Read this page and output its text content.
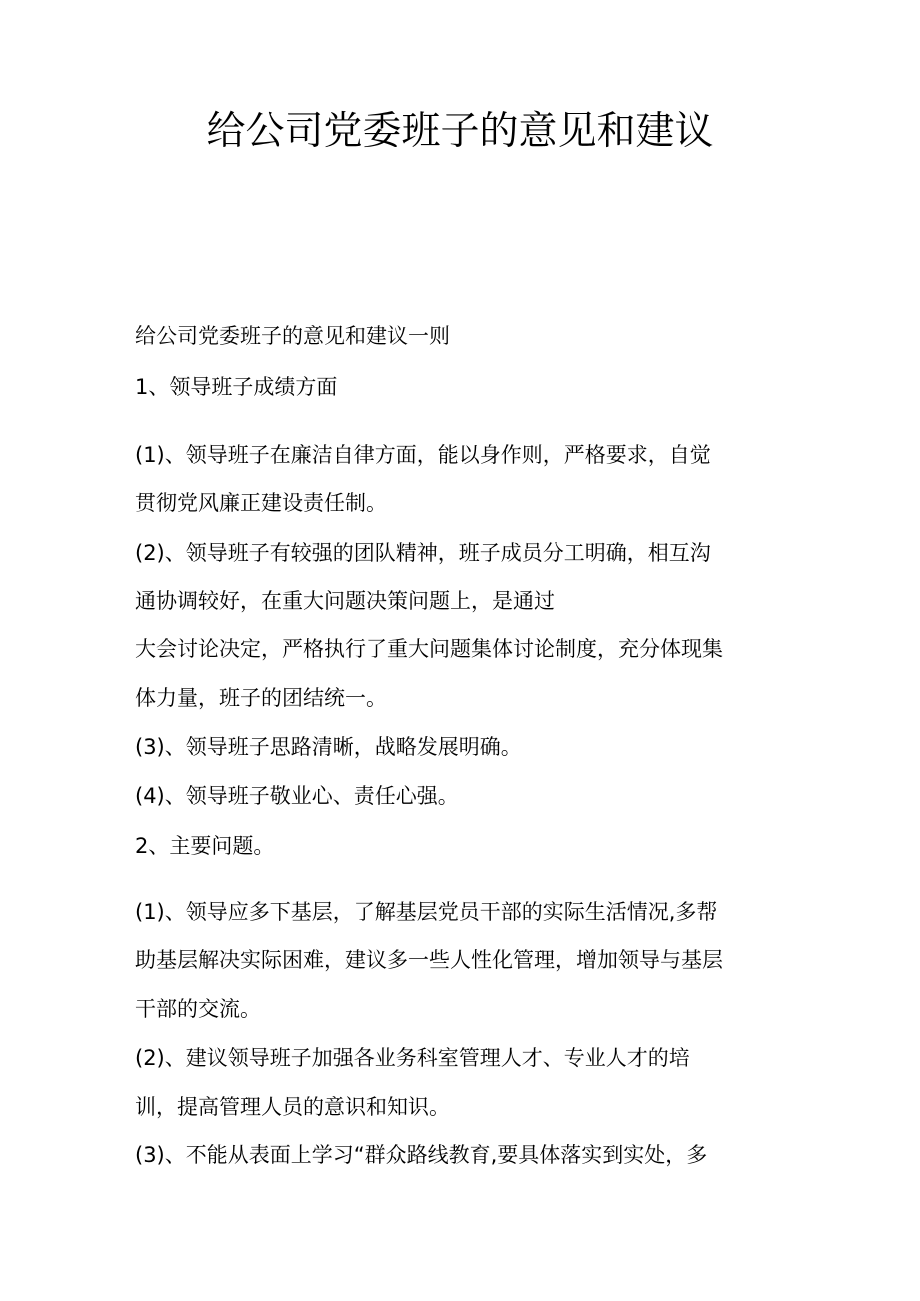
给公司党委班子的意见和建议
给公司党委班子的意见和建议一则
1、领导班子成绩方面
(1)、领导班子在廉洁自律方面，能以身作则，严格要求，自觉
贯彻党风廉正建设责任制。
(2)、领导班子有较强的团队精神，班子成员分工明确，相互沟
通协调较好，在重大问题决策问题上，是通过
大会讨论决定，严格执行了重大问题集体讨论制度，充分体现集
体力量，班子的团结统一。
(3)、领导班子思路清晰，战略发展明确。
(4)、领导班子敬业心、责任心强。
2、主要问题。
(1)、领导应多下基层，了解基层党员干部的实际生活情况,多帮
助基层解决实际困难，建议多一些人性化管理，增加领导与基层
干部的交流。
(2)、建议领导班子加强各业务科室管理人才、专业人才的培
训，提高管理人员的意识和知识。
(3)、不能从表面上学习“群众路线教育,要具体落实到实处，多
